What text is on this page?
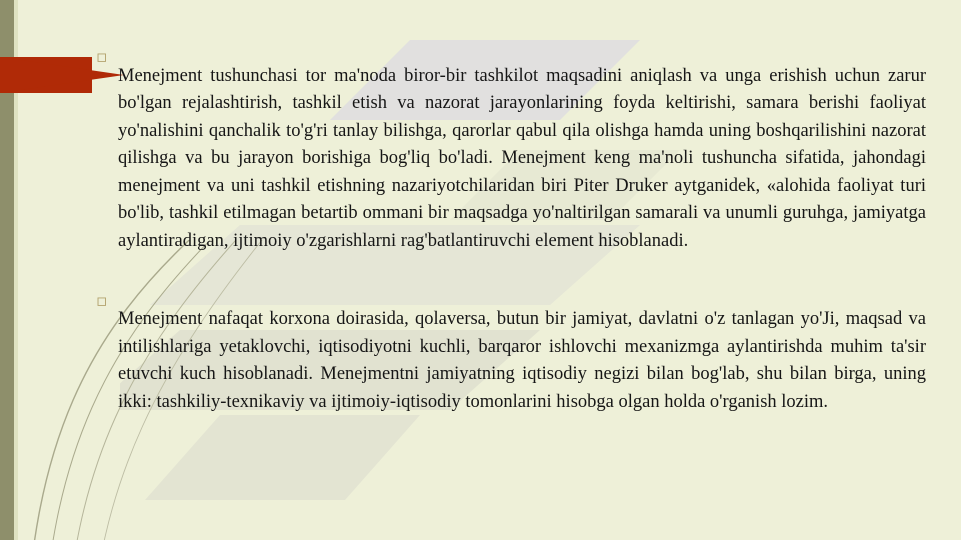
▫

Menejment tushunchasi tor ma'noda biror-bir tashkilot maqsadini aniqlash va unga erishish uchun zarur bo'lgan rejalashtirish, tashkil etish va nazorat jarayonlarining foyda keltirishi, samara berishi faoliyat yo'nalishini qanchalik to'g'ri tanlay bilishga, qarorlar qabul qila olishga hamda uning boshqarilishini nazorat qilishga va bu jarayon borishiga bog'liq bo'ladi. Menejment keng ma'noli tushuncha sifatida, jahondagi menejment va uni tashkil etishning nazariyotchilaridan biri Piter Druker aytganidek, «alohida faoliyat turi bo'lib, tashkil etilmagan betartib ommani bir maqsadga yo'naltirilgan samarali va unumli guruhga, jamiyatga aylantiradigan, ijtimoiy o'zgarishlarni rag'batlantiruvchi element hisoblanadi.

▫

Menejment nafaqat korxona doirasida, qolaversa, butun bir jamiyat, davlatni o'z tanlagan yo'Ji, maqsad va intilishlariga yetaklovchi, iqtisodiyotni kuchli, barqaror ishlovchi mexanizmga aylantirishda muhim ta'sir etuvchi kuch hisoblanadi. Menejmentni jamiyatning iqtisodiy negizi bilan bog'lab, shu bilan birga, uning ikki: tashkiliy-texnikaviy va ijtimoiy-iqtisodiy tomonlarini hisobga olgan holda o'rganish lozim.
